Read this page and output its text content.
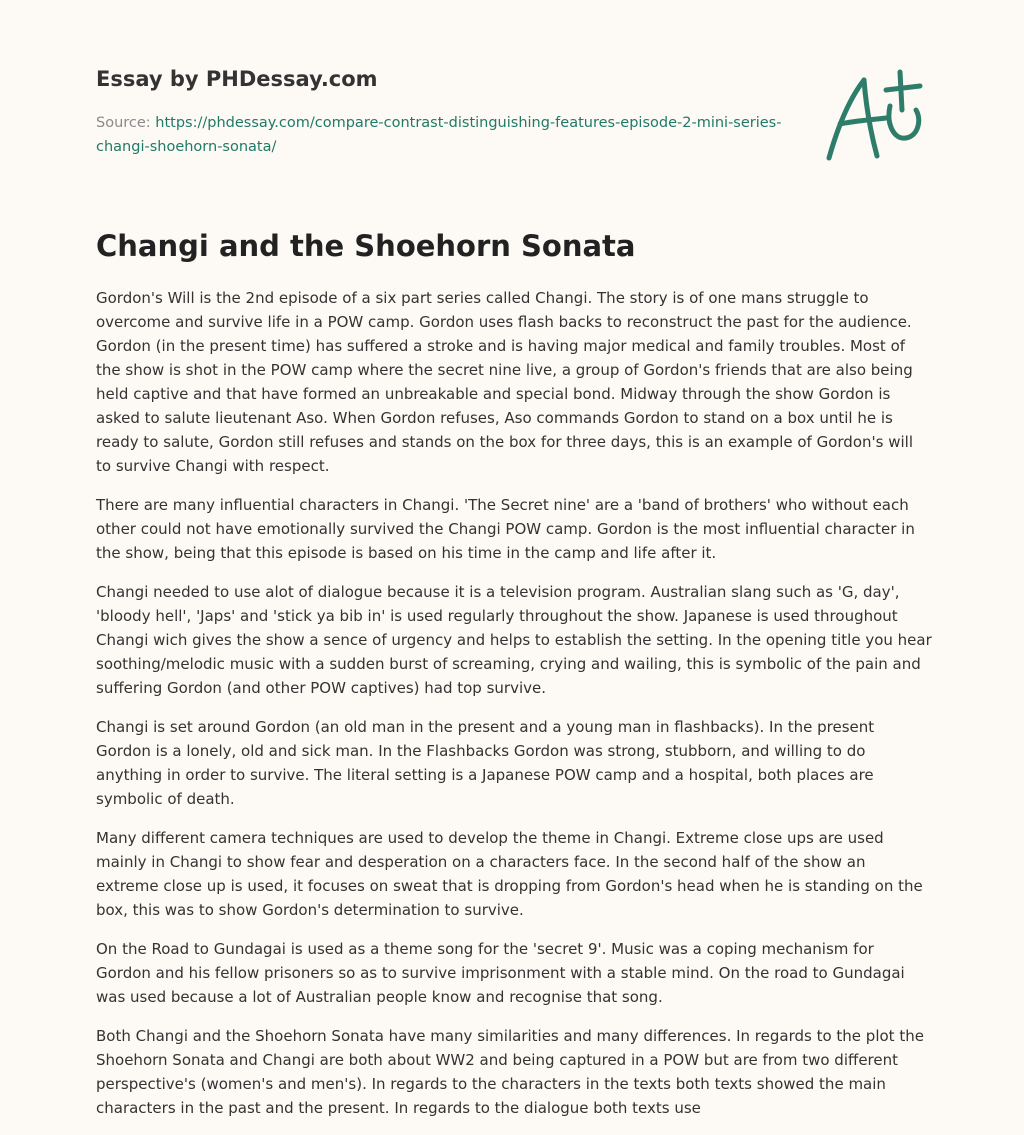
Essay by PHDessay.com
Source: https://phdessay.com/compare-contrast-distinguishing-features-episode-2-mini-series-changi-shoehorn-sonata/
Changi and the Shoehorn Sonata

Gordon's Will is the 2nd episode of a six part series called Changi. The story is of one mans struggle to overcome and survive life in a POW camp. Gordon uses flash backs to reconstruct the past for the audience. Gordon (in the present time) has suffered a stroke and is having major medical and family troubles. Most of the show is shot in the POW camp where the secret nine live, a group of Gordon's friends that are also being held captive and that have formed an unbreakable and special bond. Midway through the show Gordon is asked to salute lieutenant Aso. When Gordon refuses, Aso commands Gordon to stand on a box until he is ready to salute, Gordon still refuses and stands on the box for three days, this is an example of Gordon's will to survive Changi with respect.

There are many influential characters in Changi. 'The Secret nine' are a 'band of brothers' who without each other could not have emotionally survived the Changi POW camp. Gordon is the most influential character in the show, being that this episode is based on his time in the camp and life after it.

Changi needed to use alot of dialogue because it is a television program. Australian slang such as 'G, day', 'bloody hell', 'Japs' and 'stick ya bib in' is used regularly throughout the show. Japanese is used throughout Changi wich gives the show a sence of urgency and helps to establish the setting. In the opening title you hear soothing/melodic music with a sudden burst of screaming, crying and wailing, this is symbolic of the pain and suffering Gordon (and other POW captives) had top survive.

Changi is set around Gordon (an old man in the present and a young man in flashbacks). In the present Gordon is a lonely, old and sick man. In the Flashbacks Gordon was strong, stubborn, and willing to do anything in order to survive. The literal setting is a Japanese POW camp and a hospital, both places are symbolic of death.

Many different camera techniques are used to develop the theme in Changi. Extreme close ups are used mainly in Changi to show fear and desperation on a characters face. In the second half of the show an extreme close up is used, it focuses on sweat that is dropping from Gordon's head when he is standing on the box, this was to show Gordon's determination to survive.

On the Road to Gundagai is used as a theme song for the 'secret 9'. Music was a coping mechanism for Gordon and his fellow prisoners so as to survive imprisonment with a stable mind. On the road to Gundagai was used because a lot of Australian people know and recognise that song.

Both Changi and the Shoehorn Sonata have many similarities and many differences. In regards to the plot the Shoehorn Sonata and Changi are both about WW2 and being captured in a POW but are from two different perspective's (women's and men's). In regards to the characters in the texts both texts showed the main characters in the past and the present. In regards to the dialogue both texts use
